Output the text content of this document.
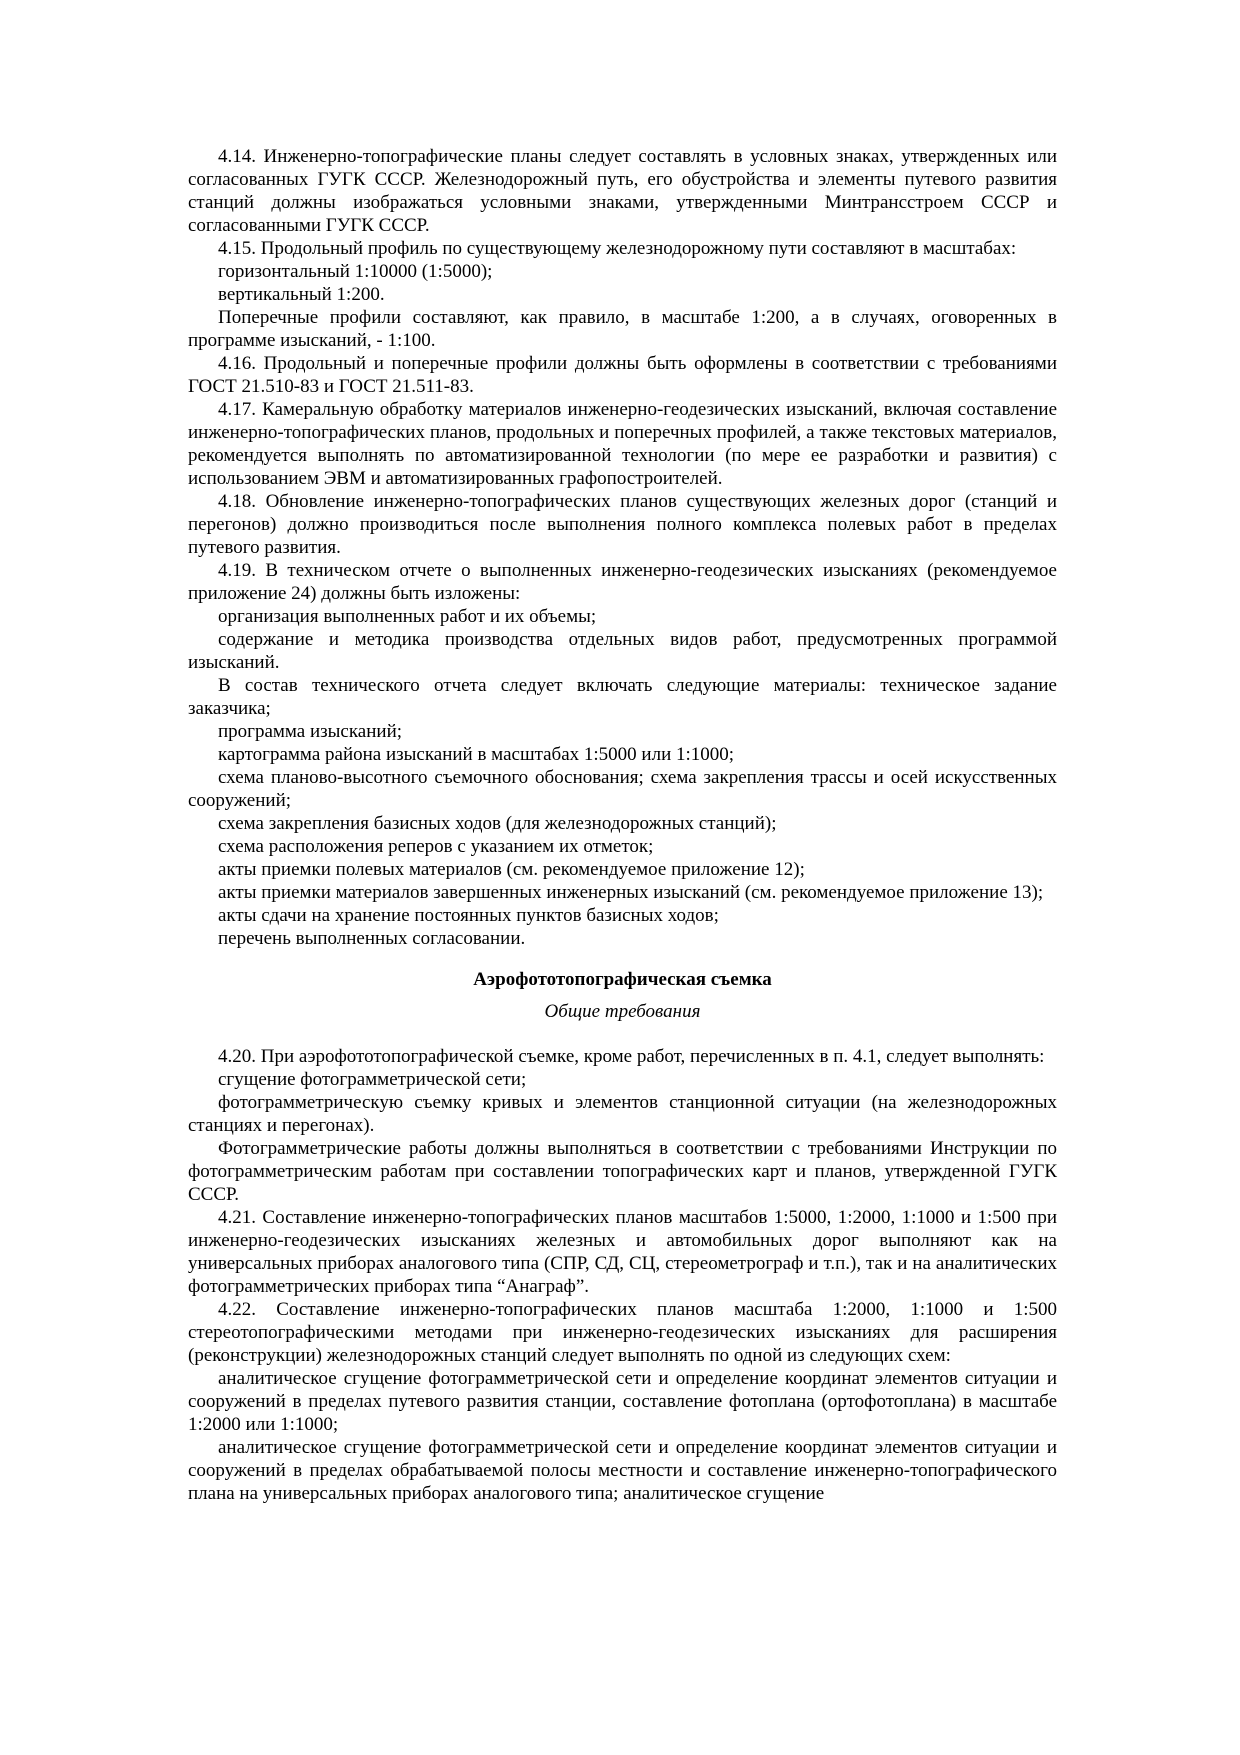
4.14. Инженерно-топографические планы следует составлять в условных знаках, утвержденных или согласованных ГУГК СССР. Железнодорожный путь, его обустройства и элементы путевого развития станций должны изображаться условными знаками, утвержденными Минтрансстроем СССР и согласованными ГУГК СССР.

4.15. Продольный профиль по существующему железнодорожному пути составляют в масштабах:

горизонтальный 1:10000 (1:5000);

вертикальный 1:200.

Поперечные профили составляют, как правило, в масштабе 1:200, а в случаях, оговоренных в программе изысканий, - 1:100.

4.16. Продольный и поперечные профили должны быть оформлены в соответствии с требованиями ГОСТ 21.510-83 и ГОСТ 21.511-83.

4.17. Камеральную обработку материалов инженерно-геодезических изысканий, включая составление инженерно-топографических планов, продольных и поперечных профилей, а также текстовых материалов, рекомендуется выполнять по автоматизированной технологии (по мере ее разработки и развития) с использованием ЭВМ и автоматизированных графопостроителей.

4.18. Обновление инженерно-топографических планов существующих железных дорог (станций и перегонов) должно производиться после выполнения полного комплекса полевых работ в пределах путевого развития.

4.19. В техническом отчете о выполненных инженерно-геодезических изысканиях (рекомендуемое приложение 24) должны быть изложены:

организация выполненных работ и их объемы;

содержание и методика производства отдельных видов работ, предусмотренных программой изысканий.

В состав технического отчета следует включать следующие материалы: техническое задание заказчика;

программа изысканий;

картограмма района изысканий в масштабах 1:5000 или 1:1000;

схема планово-высотного съемочного обоснования; схема закрепления трассы и осей искусственных сооружений;

схема закрепления базисных ходов (для железнодорожных станций);

схема расположения реперов с указанием их отметок;

акты приемки полевых материалов (см. рекомендуемое приложение 12);

акты приемки материалов завершенных инженерных изысканий (см. рекомендуемое приложение 13);

акты сдачи на хранение постоянных пунктов базисных ходов;

перечень выполненных согласовании.

Аэрофототопографическая съемка

Общие требования

4.20. При аэрофототопографической съемке, кроме работ, перечисленных в п. 4.1, следует выполнять:

сгущение фотограмметрической сети;

фотограмметрическую съемку кривых и элементов станционной ситуации (на железнодорожных станциях и перегонах).

Фотограмметрические работы должны выполняться в соответствии с требованиями Инструкции по фотограмметрическим работам при составлении топографических карт и планов, утвержденной ГУГК СССР.

4.21. Составление инженерно-топографических планов масштабов 1:5000, 1:2000, 1:1000 и 1:500 при инженерно-геодезических изысканиях железных и автомобильных дорог выполняют как на универсальных приборах аналогового типа (СПР, СД, СЦ, стереометрограф и т.п.), так и на аналитических фотограмметрических приборах типа “Анаграф”.

4.22. Составление инженерно-топографических планов масштаба 1:2000, 1:1000 и 1:500 стереотопографическими методами при инженерно-геодезических изысканиях для расширения (реконструкции) железнодорожных станций следует выполнять по одной из следующих схем:

аналитическое сгущение фотограмметрической сети и определение координат элементов ситуации и сооружений в пределах путевого развития станции, составление фотоплана (ортофотоплана) в масштабе 1:2000 или 1:1000;

аналитическое сгущение фотограмметрической сети и определение координат элементов ситуации и сооружений в пределах обрабатываемой полосы местности и составление инженерно-топографического плана на универсальных приборах аналогового типа; аналитическое сгущение
